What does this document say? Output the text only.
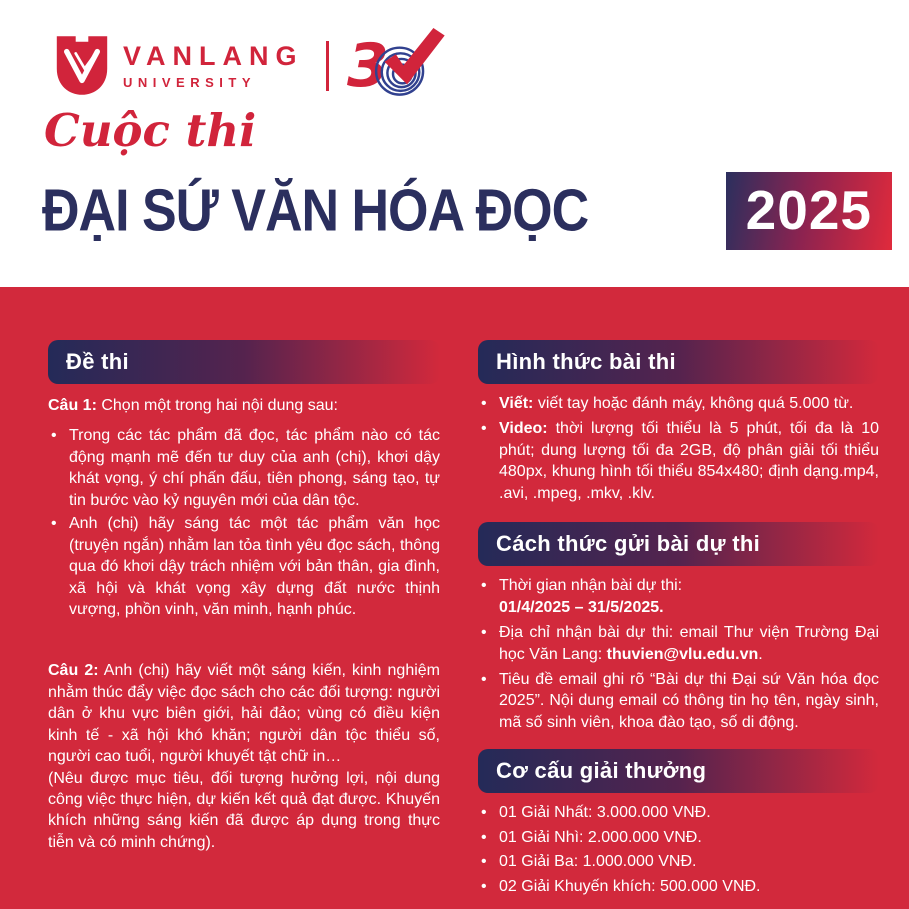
VANLANG
UNIVERSITY	3
Cuộc thi
ĐẠI SỨ VĂN HÓA ĐỌC	2025
Đề thi

Câu 1: Chọn một trong hai nội dung sau:

• Trong các tác phẩm đã đọc, tác phẩm nào có tác động mạnh mẽ đến tư duy của anh (chị), khơi dậy khát vọng, ý chí phấn đấu, tiên phong, sáng tạo, tự tin bước vào kỷ nguyên mới của dân tộc.
• Anh (chị) hãy sáng tác một tác phẩm văn học (truyện ngắn) nhằm lan tỏa tình yêu đọc sách, thông qua đó khơi dậy trách nhiệm với bản thân, gia đình, xã hội và khát vọng xây dựng đất nước thịnh vượng, phồn vinh, văn minh, hạnh phúc.

Câu 2: Anh (chị) hãy viết một sáng kiến, kinh nghiệm nhằm thúc đẩy việc đọc sách cho các đối tượng: người dân ở khu vực biên giới, hải đảo; vùng có điều kiện kinh tế - xã hội khó khăn; người dân tộc thiểu số, người cao tuổi, người khuyết tật chữ in…
(Nêu được mục tiêu, đối tượng hưởng lợi, nội dung công việc thực hiện, dự kiến kết quả đạt được. Khuyến khích những sáng kiến đã được áp dụng trong thực tiễn và có minh chứng).

Hình thức bài thi
• Viết: viết tay hoặc đánh máy, không quá 5.000 từ.
• Video: thời lượng tối thiểu là 5 phút, tối đa là 10 phút; dung lượng tối đa 2GB, độ phân giải tối thiểu 480px, khung hình tối thiểu 854x480; định dạng.mp4, .avi, .mpeg, .mkv, .klv.
Cách thức gửi bài dự thi
• Thời gian nhận bài dự thi:
01/4/2025 – 31/5/2025.
• Địa chỉ nhận bài dự thi: email Thư viện Trường Đại học Văn Lang: thuvien@vlu.edu.vn.
• Tiêu đề email ghi rõ “Bài dự thi Đại sứ Văn hóa đọc 2025”. Nội dung email có thông tin họ tên, ngày sinh, mã số sinh viên, khoa đào tạo, số di động.
Cơ cấu giải thưởng
• 01 Giải Nhất: 3.000.000 VNĐ.
• 01 Giải Nhì: 2.000.000 VNĐ.
• 01 Giải Ba: 1.000.000 VNĐ.
• 02 Giải Khuyến khích: 500.000 VNĐ.
